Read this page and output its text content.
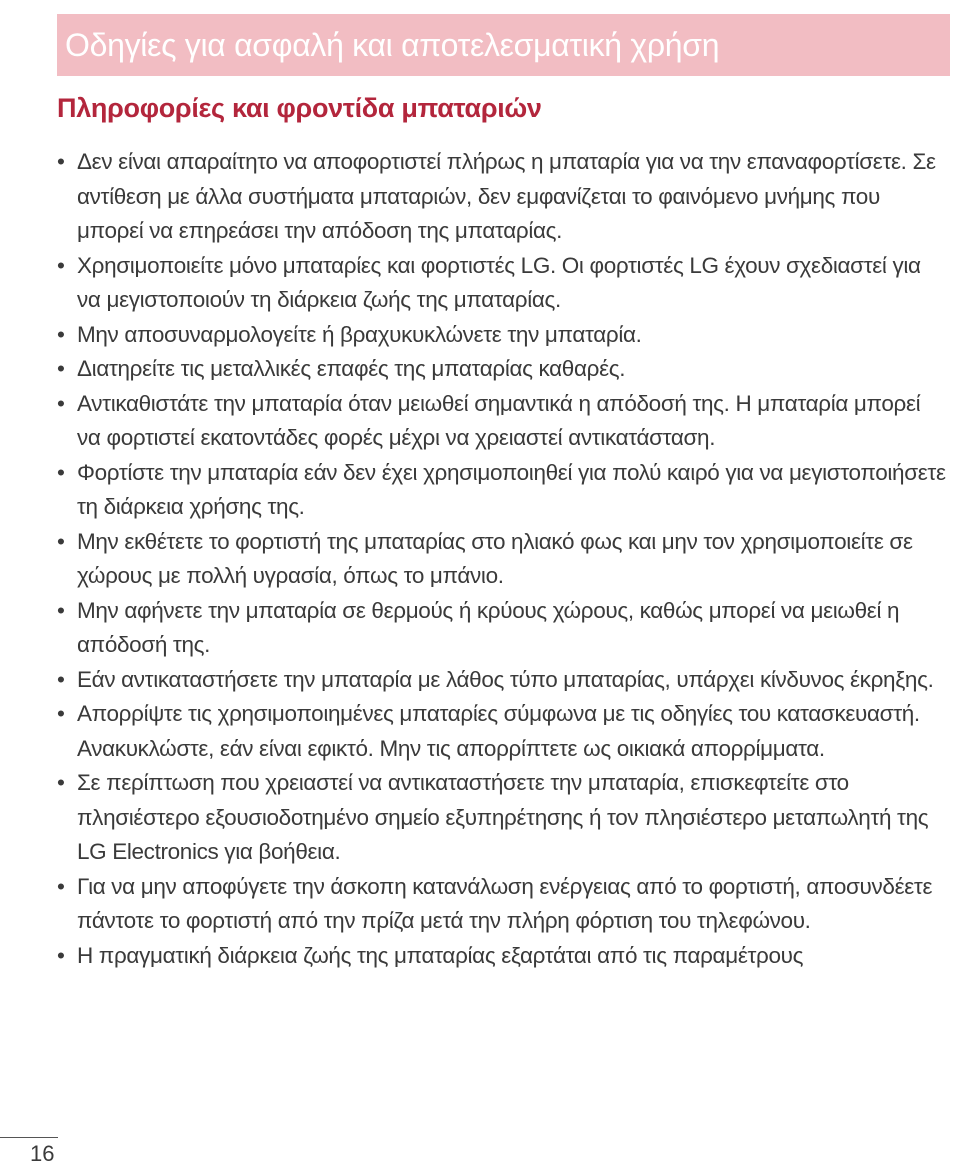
Οδηγίες για ασφαλή και αποτελεσματική χρήση
Πληροφορίες και φροντίδα μπαταριών
• Δεν είναι απαραίτητο να αποφορτιστεί πλήρως η μπαταρία για να την επαναφορτίσετε. Σε αντίθεση με άλλα συστήματα μπαταριών, δεν εμφανίζεται το φαινόμενο μνήμης που μπορεί να επηρεάσει την απόδοση της μπαταρίας.
• Χρησιμοποιείτε μόνο μπαταρίες και φορτιστές LG. Οι φορτιστές LG έχουν σχεδιαστεί για να μεγιστοποιούν τη διάρκεια ζωής της μπαταρίας.
• Μην αποσυναρμολογείτε ή βραχυκυκλώνετε την μπαταρία.
• Διατηρείτε τις μεταλλικές επαφές της μπαταρίας καθαρές.
• Αντικαθιστάτε την μπαταρία όταν μειωθεί σημαντικά η απόδοσή της. Η μπαταρία μπορεί να φορτιστεί εκατοντάδες φορές μέχρι να χρειαστεί αντικατάσταση.
• Φορτίστε την μπαταρία εάν δεν έχει χρησιμοποιηθεί για πολύ καιρό για να μεγιστοποιήσετε τη διάρκεια χρήσης της.
• Μην εκθέτετε το φορτιστή της μπαταρίας στο ηλιακό φως και μην τον χρησιμοποιείτε σε χώρους με πολλή υγρασία, όπως το μπάνιο.
• Μην αφήνετε την μπαταρία σε θερμούς ή κρύους χώρους, καθώς μπορεί να μειωθεί η απόδοσή της.
• Εάν αντικαταστήσετε την μπαταρία με λάθος τύπο μπαταρίας, υπάρχει κίνδυνος έκρηξης.
• Απορρίψτε τις χρησιμοποιημένες μπαταρίες σύμφωνα με τις οδηγίες του κατασκευαστή. Ανακυκλώστε, εάν είναι εφικτό. Μην τις απορρίπτετε ως οικιακά απορρίμματα.
• Σε περίπτωση που χρειαστεί να αντικαταστήσετε την μπαταρία, επισκεφτείτε στο πλησιέστερο εξουσιοδοτημένο σημείο εξυπηρέτησης ή τον πλησιέστερο μεταπωλητή της LG Electronics για βοήθεια.
• Για να μην αποφύγετε την άσκοπη κατανάλωση ενέργειας από το φορτιστή, αποσυνδέετε πάντοτε το φορτιστή από την πρίζα μετά την πλήρη φόρτιση του τηλεφώνου.
• Η πραγματική διάρκεια ζωής της μπαταρίας εξαρτάται από τις παραμέτρους
16
